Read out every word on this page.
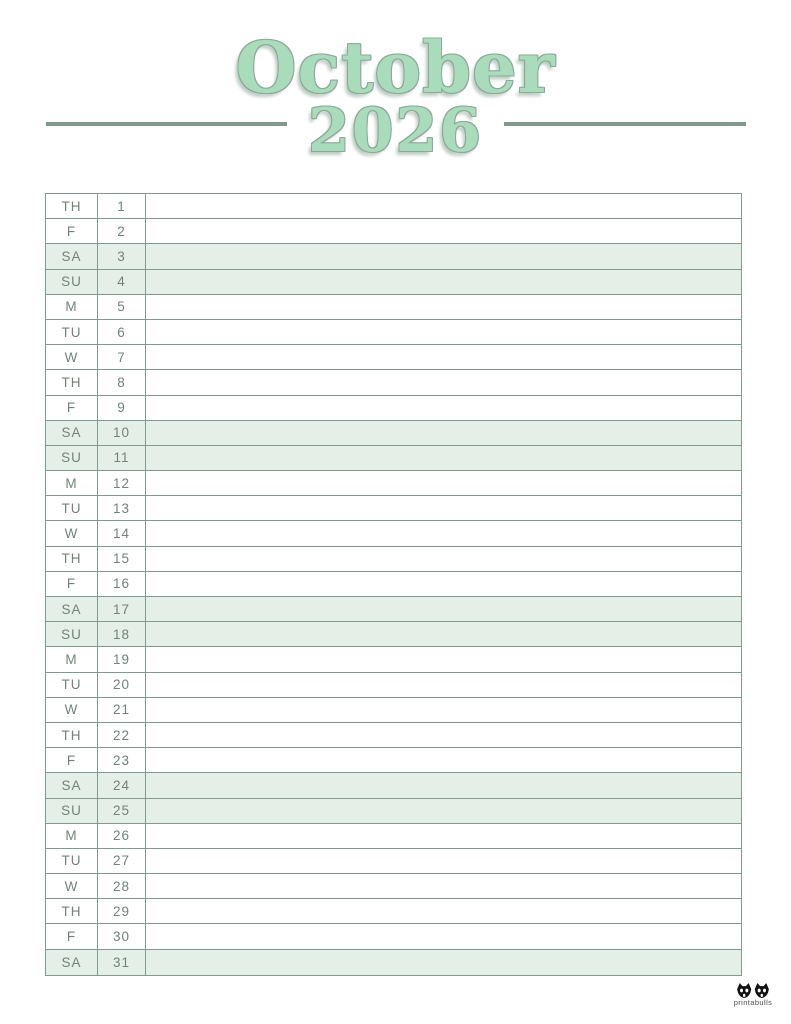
October
2026
TH	1
F	2
SA	3
SU	4
M	5
TU	6
W	7
TH	8
F	9
SA	10
SU	11
M	12
TU	13
W	14
TH	15
F	16
SA	17
SU	18
M	19
TU	20
W	21
TH	22
F	23
SA	24
SU	25
M	26
TU	27
W	28
TH	29
F	30
SA	31
printabulls
